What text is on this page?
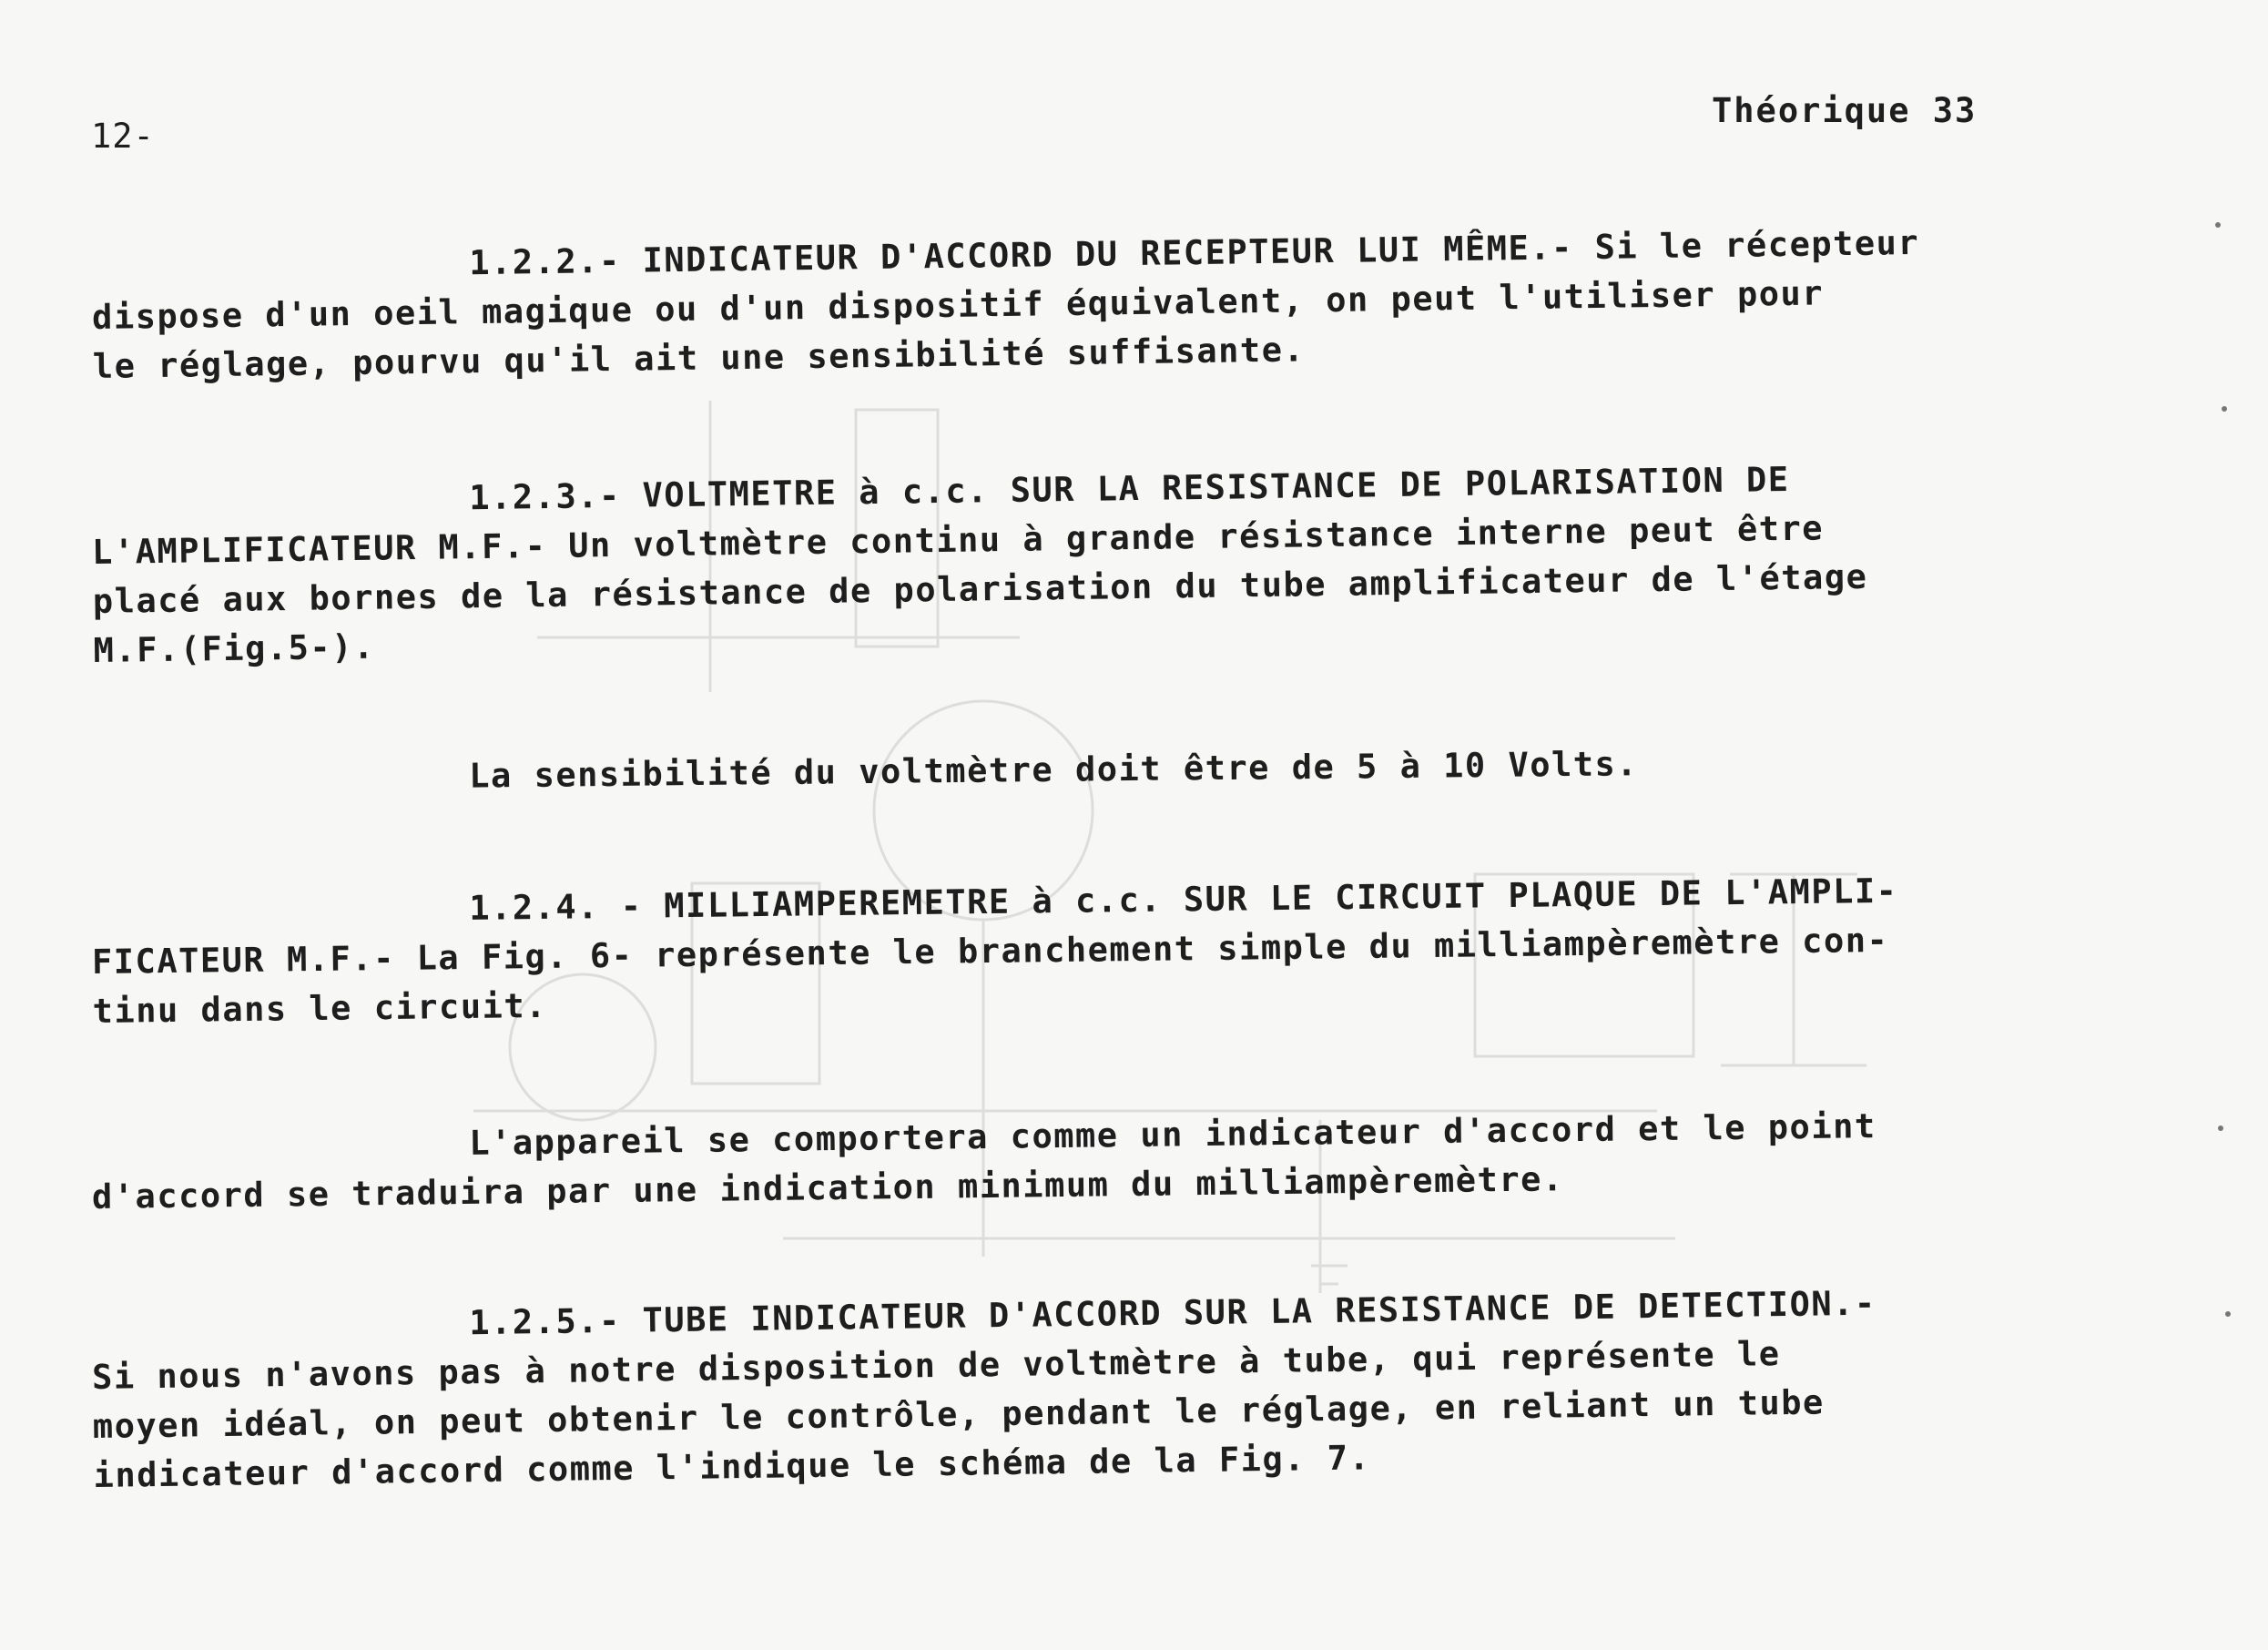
12-
Théorique 33
1.2.2.- INDICATEUR D'ACCORD DU RECEPTEUR LUI MÊME.- Si le récepteur
dispose d'un oeil magique ou d'un dispositif équivalent, on peut l'utiliser pour
le réglage, pourvu qu'il ait une sensibilité suffisante.
1.2.3.- VOLTMETRE à c.c. SUR LA RESISTANCE DE POLARISATION DE
L'AMPLIFICATEUR M.F.- Un voltmètre continu à grande résistance interne peut être
placé aux bornes de la résistance de polarisation du tube amplificateur de l'étage
M.F.(Fig.5-).
La sensibilité du voltmètre doit être de 5 à 10 Volts.
1.2.4. - MILLIAMPEREMETRE à c.c. SUR LE CIRCUIT PLAQUE DE L'AMPLI-
FICATEUR M.F.- La Fig. 6- représente le branchement simple du milliampèremètre con-
tinu dans le circuit.
L'appareil se comportera comme un indicateur d'accord et le point
d'accord se traduira par une indication minimum du milliampèremètre.
1.2.5.- TUBE INDICATEUR D'ACCORD SUR LA RESISTANCE DE DETECTION.-
Si nous n'avons pas à notre disposition de voltmètre à tube, qui représente le
moyen idéal, on peut obtenir le contrôle, pendant le réglage, en reliant un tube
indicateur d'accord comme l'indique le schéma de la Fig. 7.
